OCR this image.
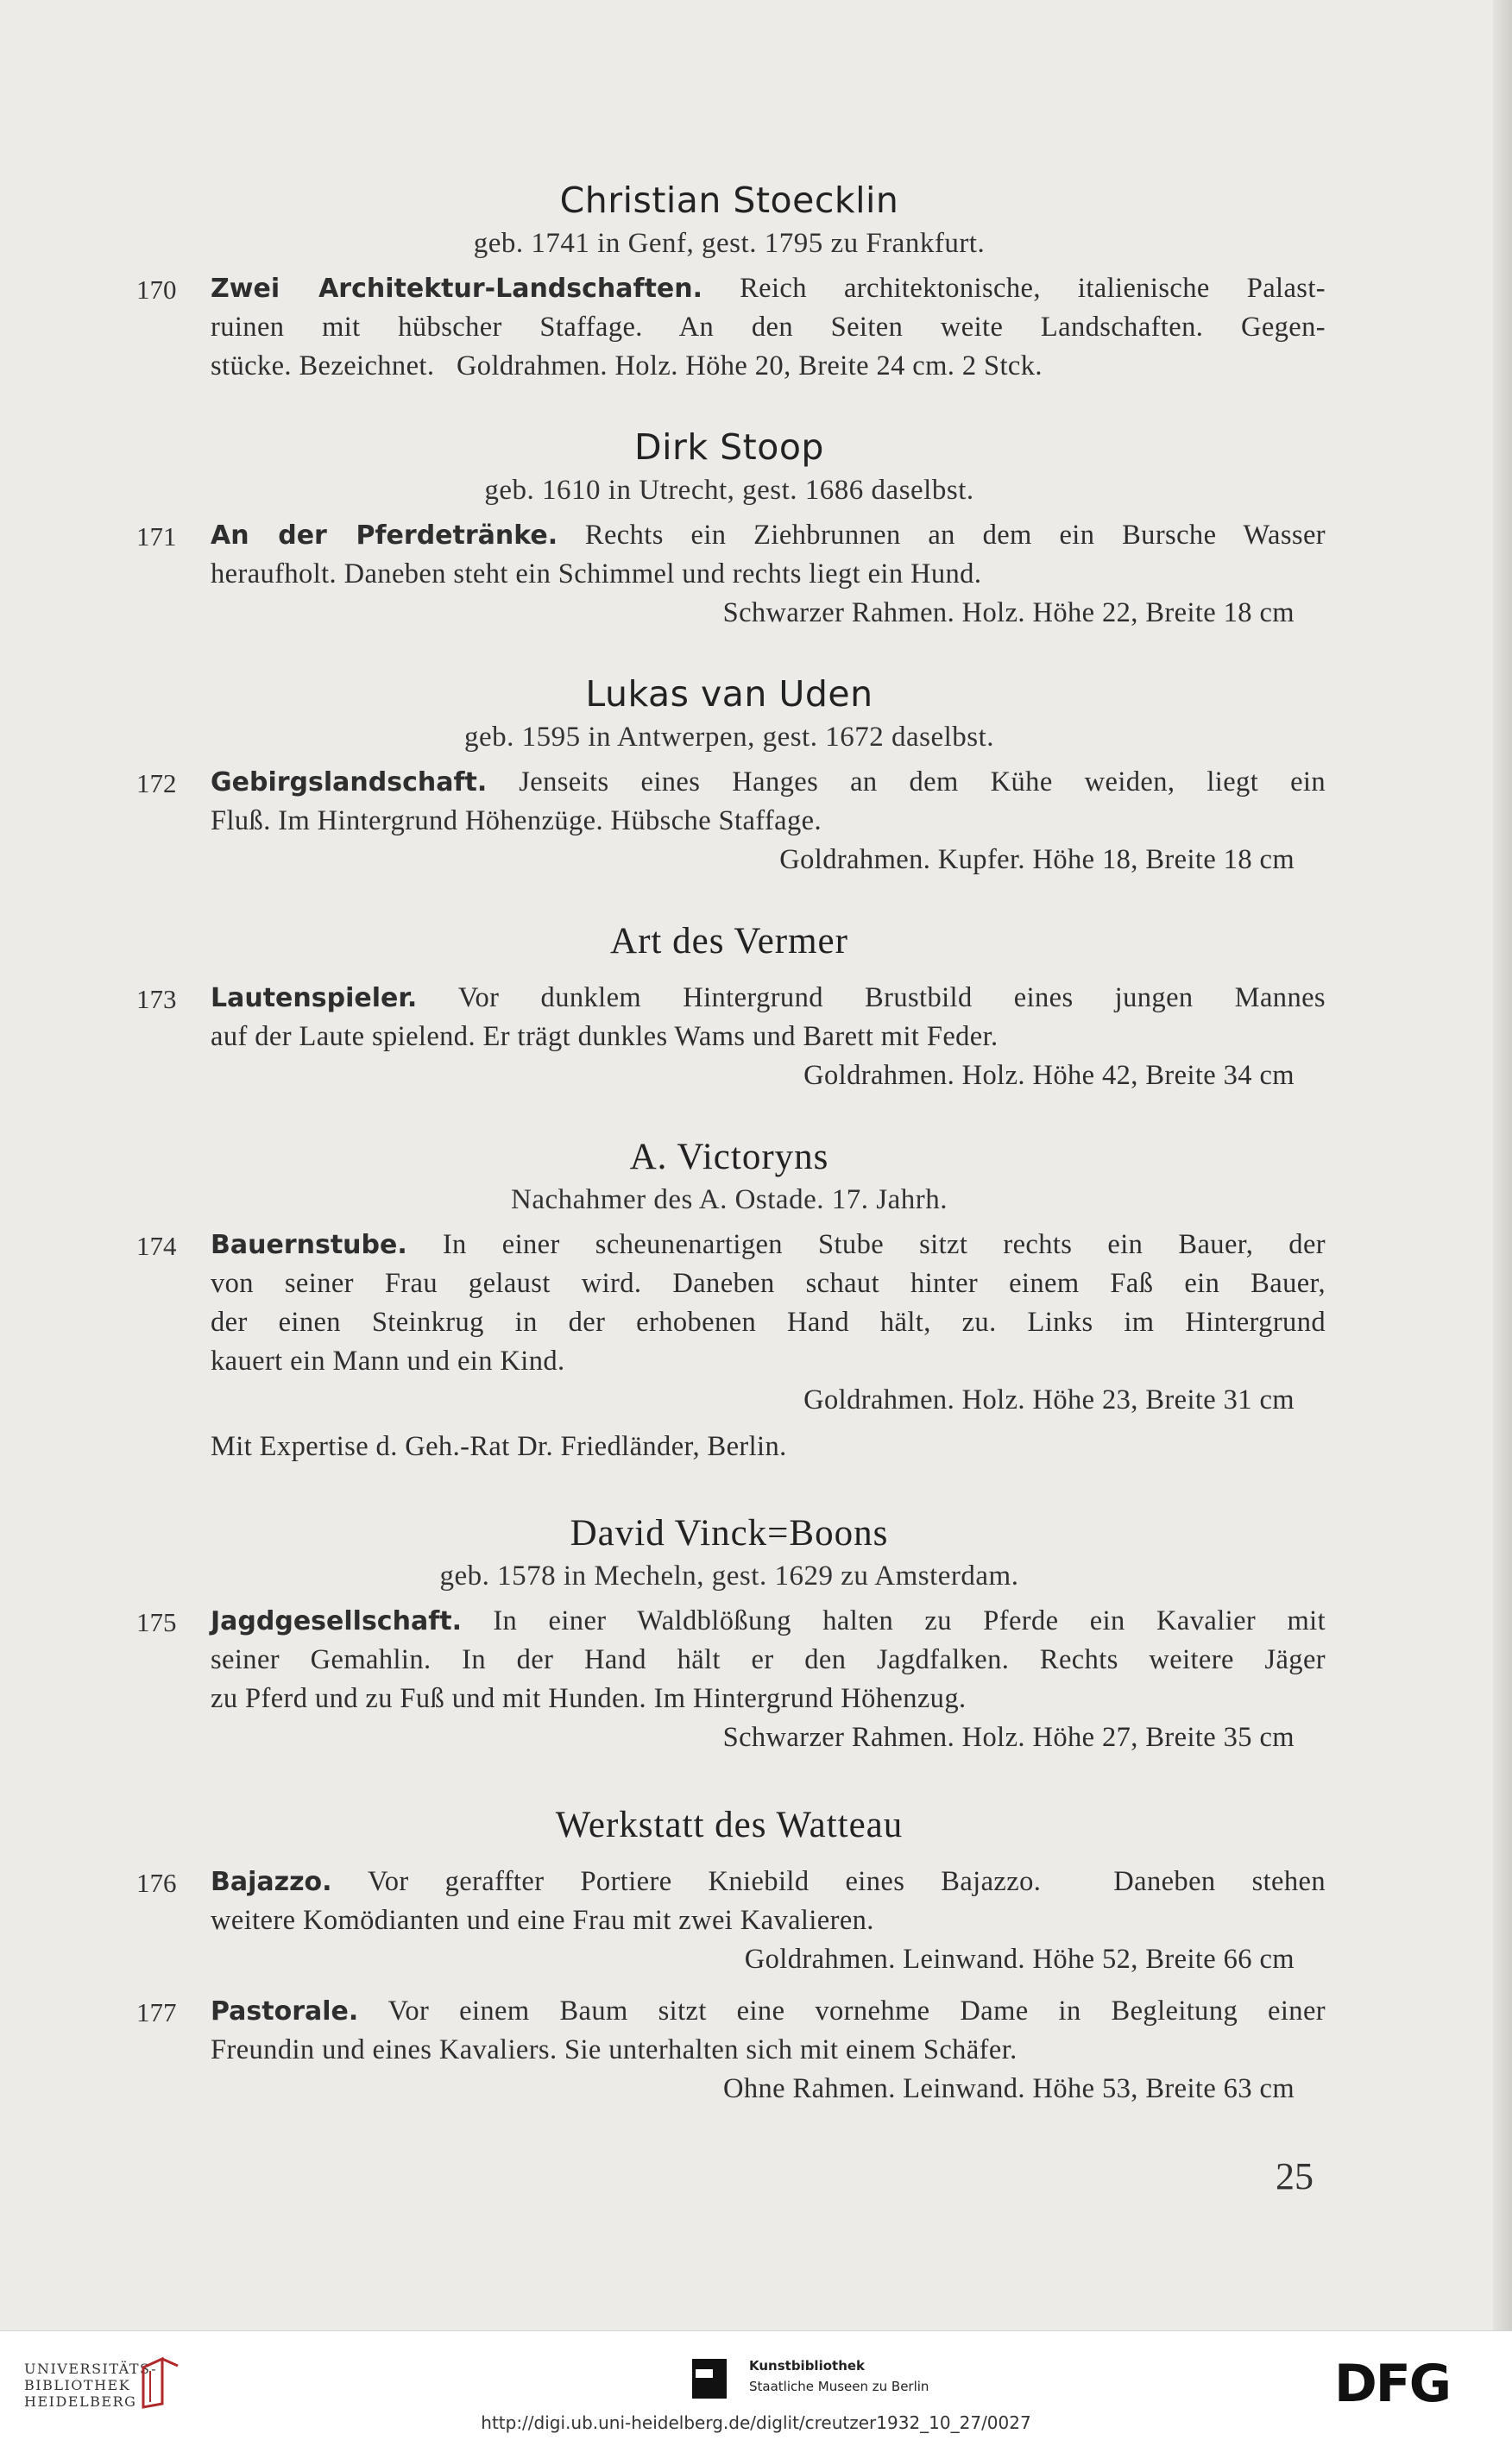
Christian Stoecklin
geb. 1741 in Genf, gest. 1795 zu Frankfurt.
170 Zwei Architektur-Landschaften. Reich architektonische, italienische Palast-
ruinen mit hübscher Staffage. An den Seiten weite Landschaften. Gegen-
stücke. Bezeichnet.   Goldrahmen. Holz. Höhe 20, Breite 24 cm. 2 Stck.
Dirk Stoop
geb. 1610 in Utrecht, gest. 1686 daselbst.
171 An der Pferdetränke. Rechts ein Ziehbrunnen an dem ein Bursche Wasser
heraufholt. Daneben steht ein Schimmel und rechts liegt ein Hund.
Schwarzer Rahmen. Holz. Höhe 22, Breite 18 cm
Lukas van Uden
geb. 1595 in Antwerpen, gest. 1672 daselbst.
172 Gebirgslandschaft. Jenseits eines Hanges an dem Kühe weiden, liegt ein
Fluß. Im Hintergrund Höhenzüge. Hübsche Staffage.
Goldrahmen. Kupfer. Höhe 18, Breite 18 cm
Art des Vermer
173 Lautenspieler. Vor dunklem Hintergrund Brustbild eines jungen Mannes
auf der Laute spielend. Er trägt dunkles Wams und Barett mit Feder.
Goldrahmen. Holz. Höhe 42, Breite 34 cm
A. Victoryns
Nachahmer des A. Ostade. 17. Jahrh.
174 Bauernstube. In einer scheunenartigen Stube sitzt rechts ein Bauer, der
von seiner Frau gelaust wird. Daneben schaut hinter einem Faß ein Bauer,
der einen Steinkrug in der erhobenen Hand hält, zu. Links im Hintergrund
kauert ein Mann und ein Kind.
Goldrahmen. Holz. Höhe 23, Breite 31 cm
Mit Expertise d. Geh.-Rat Dr. Friedländer, Berlin.
David Vinck=Boons
geb. 1578 in Mecheln, gest. 1629 zu Amsterdam.
175 Jagdgesellschaft. In einer Waldblößung halten zu Pferde ein Kavalier mit
seiner Gemahlin. In der Hand hält er den Jagdfalken. Rechts weitere Jäger
zu Pferd und zu Fuß und mit Hunden. Im Hintergrund Höhenzug.
Schwarzer Rahmen. Holz. Höhe 27, Breite 35 cm
Werkstatt des Watteau
176 Bajazzo. Vor geraffter Portiere Kniebild eines Bajazzo.  Daneben stehen
weitere Komödianten und eine Frau mit zwei Kavalieren.
Goldrahmen. Leinwand. Höhe 52, Breite 66 cm
177 Pastorale. Vor einem Baum sitzt eine vornehme Dame in Begleitung einer
Freundin und eines Kavaliers. Sie unterhalten sich mit einem Schäfer.
Ohne Rahmen. Leinwand. Höhe 53, Breite 63 cm
25
UNIVERSITÄTS-
BIBLIOTHEK
HEIDELBERG
Kunstbibliothek
Staatliche Museen zu Berlin	DFG
http://digi.ub.uni-heidelberg.de/diglit/creutzer1932_10_27/0027
